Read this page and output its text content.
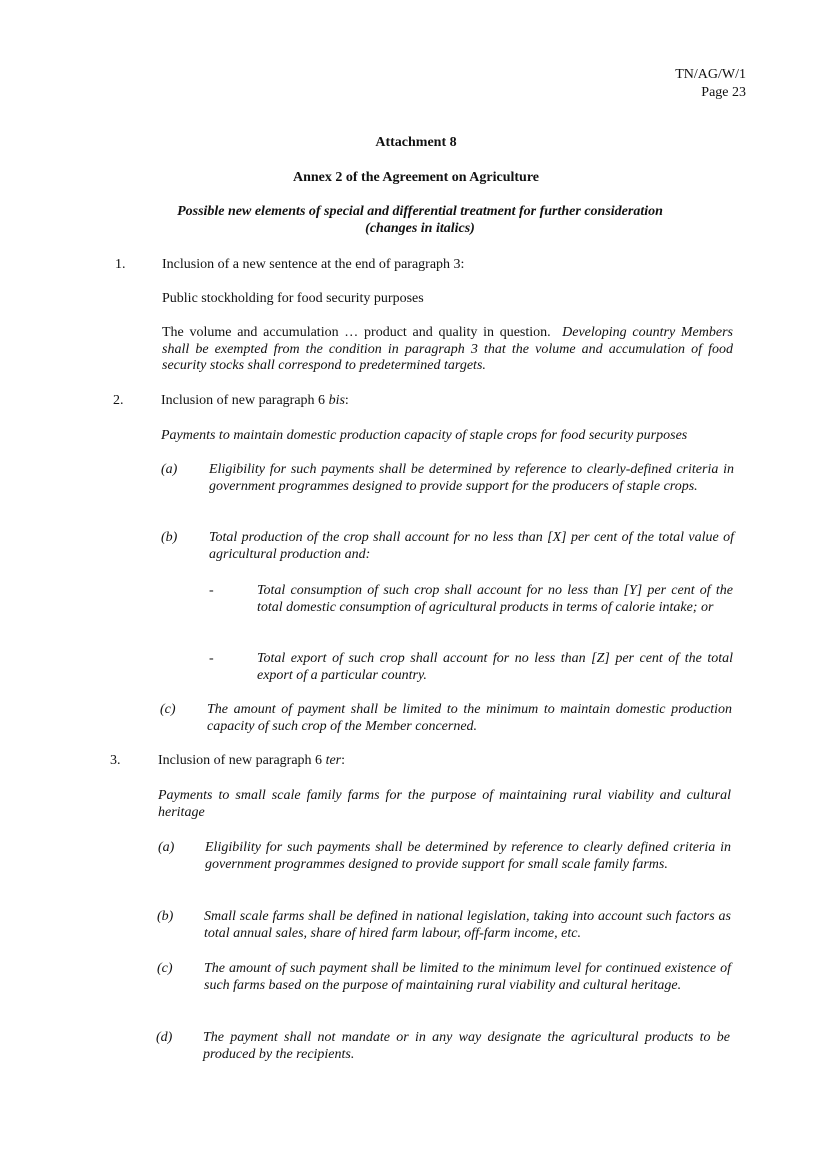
TN/AG/W/1
Page 23
Attachment 8
Annex 2 of the Agreement on Agriculture
Possible new elements of special and differential treatment for further consideration
(changes in italics)
1.	Inclusion of a new sentence at the end of paragraph 3:
Public stockholding for food security purposes
The volume and accumulation … product and quality in question. Developing country Members shall be exempted from the condition in paragraph 3 that the volume and accumulation of food security stocks shall correspond to predetermined targets.
2.	Inclusion of new paragraph 6 bis:
Payments to maintain domestic production capacity of staple crops for food security purposes
(a) Eligibility for such payments shall be determined by reference to clearly-defined criteria in government programmes designed to provide support for the producers of staple crops.
(b) Total production of the crop shall account for no less than [X] per cent of the total value of agricultural production and:
-	Total consumption of such crop shall account for no less than [Y] per cent of the total domestic consumption of agricultural products in terms of calorie intake; or
-	Total export of such crop shall account for no less than [Z] per cent of the total export of a particular country.
(c) The amount of payment shall be limited to the minimum to maintain domestic production capacity of such crop of the Member concerned.
3.	Inclusion of new paragraph 6 ter:
Payments to small scale family farms for the purpose of maintaining rural viability and cultural heritage
(a) Eligibility for such payments shall be determined by reference to clearly defined criteria in government programmes designed to provide support for small scale family farms.
(b) Small scale farms shall be defined in national legislation, taking into account such factors as total annual sales, share of hired farm labour, off-farm income, etc.
(c) The amount of such payment shall be limited to the minimum level for continued existence of such farms based on the purpose of maintaining rural viability and cultural heritage.
(d) The payment shall not mandate or in any way designate the agricultural products to be produced by the recipients.
